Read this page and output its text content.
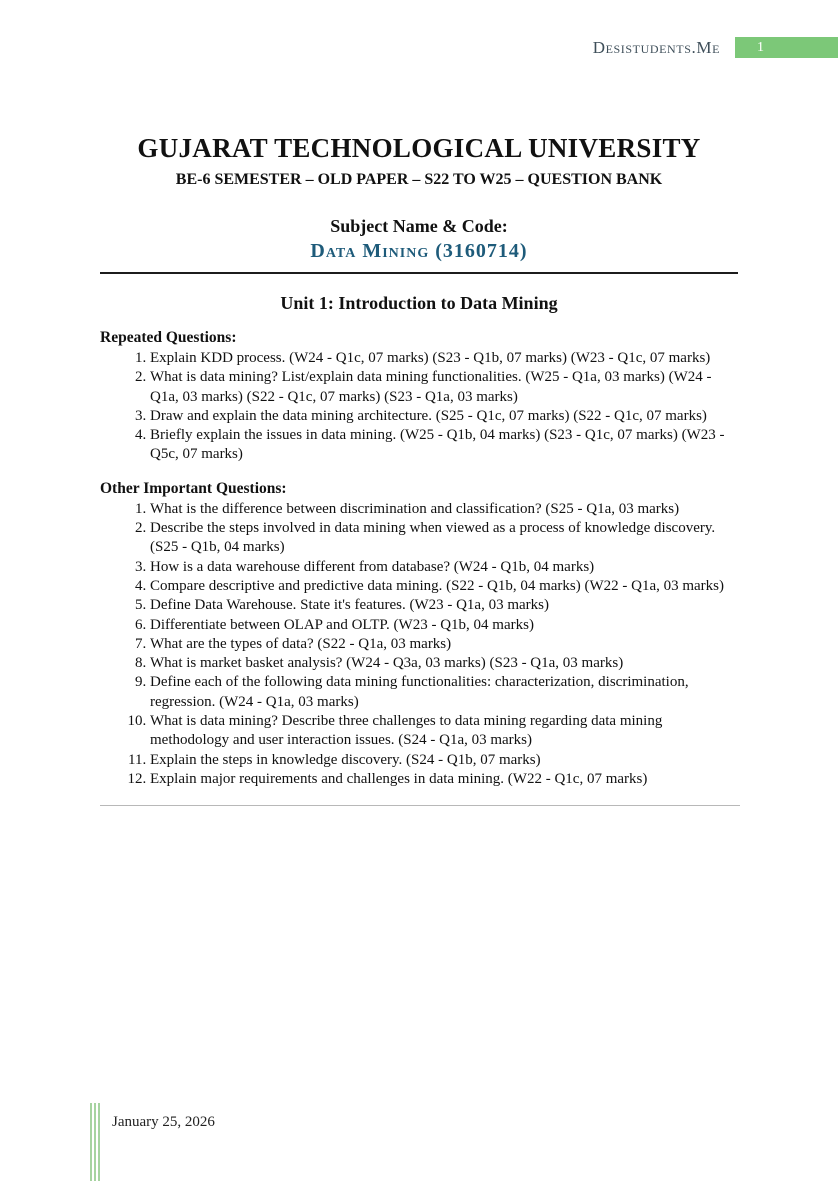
Desistudents.Me	1
GUJARAT TECHNOLOGICAL UNIVERSITY
BE-6 SEMESTER – OLD PAPER – S22 TO W25 – QUESTION BANK
Subject Name & Code:
Data Mining (3160714)
Unit 1: Introduction to Data Mining
Repeated Questions:
1. Explain KDD process. (W24 - Q1c, 07 marks) (S23 - Q1b, 07 marks) (W23 - Q1c, 07 marks)
2. What is data mining? List/explain data mining functionalities. (W25 - Q1a, 03 marks) (W24 - Q1a, 03 marks) (S22 - Q1c, 07 marks) (S23 - Q1a, 03 marks)
3. Draw and explain the data mining architecture. (S25 - Q1c, 07 marks) (S22 - Q1c, 07 marks)
4. Briefly explain the issues in data mining. (W25 - Q1b, 04 marks) (S23 - Q1c, 07 marks) (W23 - Q5c, 07 marks)
Other Important Questions:
1. What is the difference between discrimination and classification? (S25 - Q1a, 03 marks)
2. Describe the steps involved in data mining when viewed as a process of knowledge discovery. (S25 - Q1b, 04 marks)
3. How is a data warehouse different from database? (W24 - Q1b, 04 marks)
4. Compare descriptive and predictive data mining. (S22 - Q1b, 04 marks) (W22 - Q1a, 03 marks)
5. Define Data Warehouse. State it's features. (W23 - Q1a, 03 marks)
6. Differentiate between OLAP and OLTP. (W23 - Q1b, 04 marks)
7. What are the types of data? (S22 - Q1a, 03 marks)
8. What is market basket analysis? (W24 - Q3a, 03 marks) (S23 - Q1a, 03 marks)
9. Define each of the following data mining functionalities: characterization, discrimination, regression. (W24 - Q1a, 03 marks)
10. What is data mining? Describe three challenges to data mining regarding data mining methodology and user interaction issues. (S24 - Q1a, 03 marks)
11. Explain the steps in knowledge discovery. (S24 - Q1b, 07 marks)
12. Explain major requirements and challenges in data mining. (W22 - Q1c, 07 marks)
January 25, 2026
